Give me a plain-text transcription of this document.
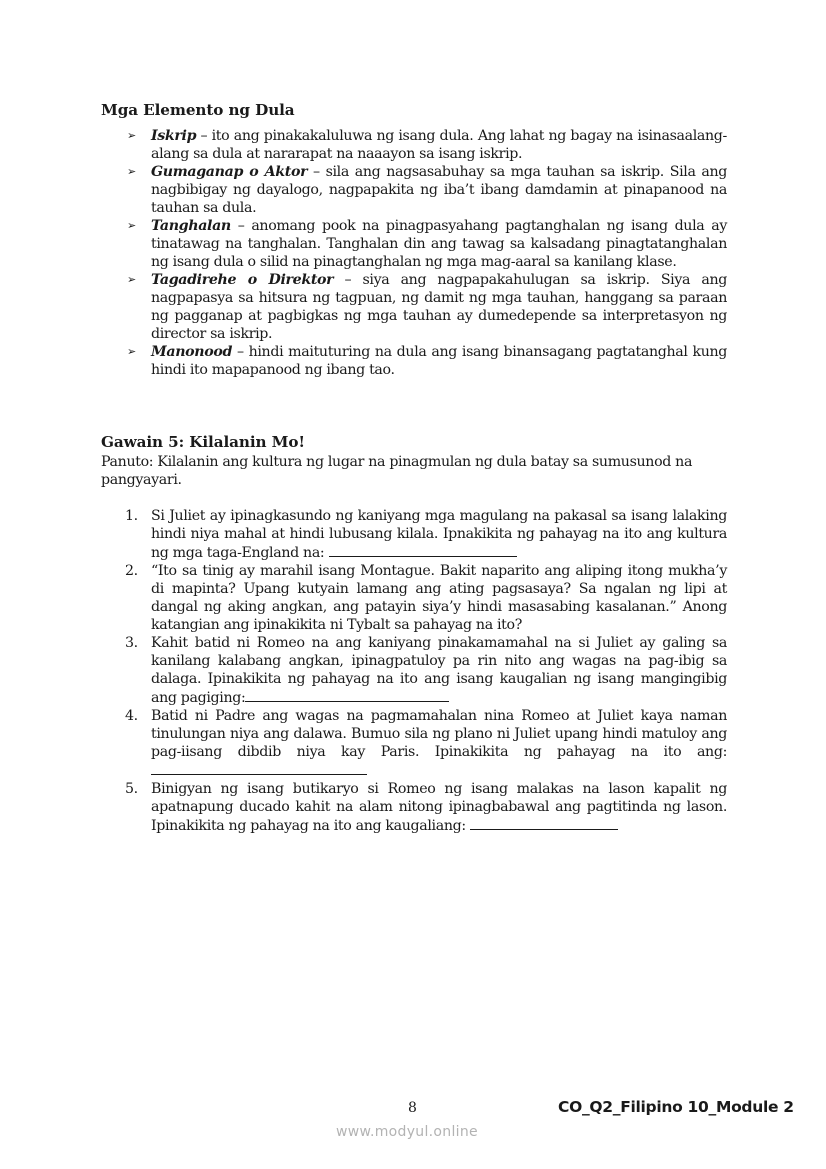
Mga Elemento ng Dula
➢ Iskrip – ito ang pinakakaluluwa ng isang dula. Ang lahat ng bagay na isinasaalang-alang sa dula at nararapat na naaayon sa isang iskrip.
➢ Gumaganap o Aktor – sila ang nagsasabuhay sa mga tauhan sa iskrip. Sila ang nagbibigay ng dayalogo, nagpapakita ng iba’t ibang damdamin at pinapanood na tauhan sa dula.
➢ Tanghalan – anomang pook na pinagpasyahang pagtanghalan ng isang dula ay tinatawag na tanghalan. Tanghalan din ang tawag sa kalsadang pinagtatanghalan ng isang dula o silid na pinagtanghalan ng mga mag-aaral sa kanilang klase.
➢ Tagadirehe o Direktor – siya ang nagpapakahulugan sa iskrip. Siya ang nagpapasya sa hitsura ng tagpuan, ng damit ng mga tauhan, hanggang sa paraan ng pagganap at pagbigkas ng mga tauhan ay dumedepende sa interpretasyon ng director sa iskrip.
➢ Manonood – hindi maituturing na dula ang isang binansagang pagtatanghal kung hindi ito mapapanood ng ibang tao.
Gawain 5: Kilalanin Mo!
Panuto: Kilalanin ang kultura ng lugar na pinagmulan ng dula batay sa sumusunod na pangyayari.
1. Si Juliet ay ipinagkasundo ng kaniyang mga magulang na pakasal sa isang lalaking hindi niya mahal at hindi lubusang kilala. Ipnakikita ng pahayag na ito ang kultura ng mga taga-England na:
2. “Ito sa tinig ay marahil isang Montague. Bakit naparito ang aliping itong mukha’y di mapinta? Upang kutyain lamang ang ating pagsasaya? Sa ngalan ng lipi at dangal ng aking angkan, ang patayin siya’y hindi masasabing kasalanan.” Anong katangian ang ipinakikita ni Tybalt sa pahayag na ito?
3. Kahit batid ni Romeo na ang kaniyang pinakamamahal na si Juliet ay galing sa kanilang kalabang angkan, ipinagpatuloy pa rin nito ang wagas na pag-ibig sa dalaga. Ipinakikita ng pahayag na ito ang isang kaugalian ng isang mangingibig ang pagiging:
4. Batid ni Padre ang wagas na pagmamahalan nina Romeo at Juliet kaya naman tinulungan niya ang dalawa. Bumuo sila ng plano ni Juliet upang hindi matuloy ang pag-iisang dibdib niya kay Paris. Ipinakikita ng pahayag na ito ang:
5. Binigyan ng isang butikaryo si Romeo ng isang malakas na lason kapalit ng apatnapung ducado kahit na alam nitong ipinagbabawal ang pagtitinda ng lason. Ipinakikita ng pahayag na ito ang kaugaliang:
8	CO_Q2_Filipino 10_Module 2
www.modyul.online
